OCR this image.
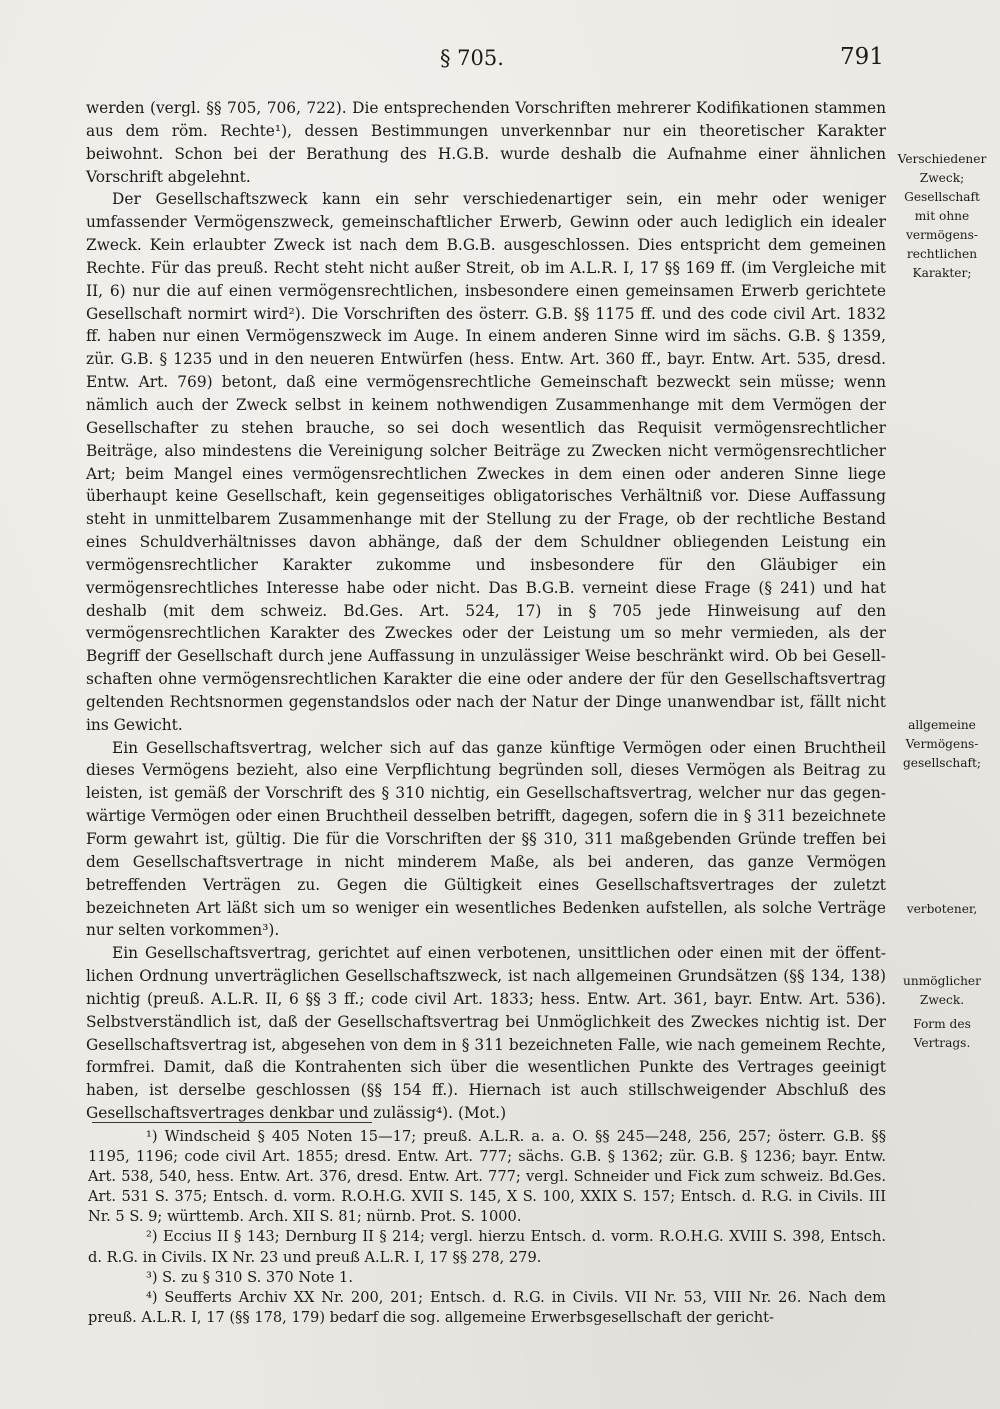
§ 705.	791

werden (vergl. §§ 705, 706, 722). Die entsprechenden Vorschriften mehrerer Kodifikationen stammen aus dem röm. Rechte¹), dessen Bestimmungen unverkennbar nur ein theoretischer Karakter beiwohnt. Schon bei der Berathung des H.G.B. wurde deshalb die Aufnahme einer ähnlichen Vorschrift abgelehnt.

Der Gesellschaftszweck kann ein sehr verschiedenartiger sein, ein mehr oder weniger umfassender Vermögenszweck, gemeinschaftlicher Erwerb, Gewinn oder auch lediglich ein idealer Zweck. Kein erlaubter Zweck ist nach dem B.G.B. ausgeschlossen. Dies entspricht dem gemeinen Rechte. Für das preuß. Recht steht nicht außer Streit, ob im A.L.R. I, 17 §§ 169 ff. (im Vergleiche mit II, 6) nur die auf einen vermögensrechtlichen, insbesondere einen gemeinsamen Erwerb gerichtete Gesellschaft normirt wird²). Die Vorschriften des österr. G.B. §§ 1175 ff. und des code civil Art. 1832 ff. haben nur einen Vermögenszweck im Auge. In einem anderen Sinne wird im sächs. G.B. § 1359, zür. G.B. § 1235 und in den neueren Entwürfen (hess. Entw. Art. 360 ff., bayr. Entw. Art. 535, dresd. Entw. Art. 769) betont, daß eine vermögensrechtliche Gemeinschaft bezweckt sein müsse; wenn nämlich auch der Zweck selbst in keinem nothwendigen Zusammenhange mit dem Vermögen der Gesellschafter zu stehen brauche, so sei doch wesentlich das Requisit vermögensrechtlicher Beiträge, also mindestens die Vereinigung solcher Beiträge zu Zwecken nicht vermögensrechtlicher Art; beim Mangel eines vermögensrechtlichen Zweckes in dem einen oder anderen Sinne liege überhaupt keine Gesellschaft, kein gegenseitiges obligatorisches Verhältniß vor. Diese Auffassung steht in unmittelbarem Zusammenhange mit der Stellung zu der Frage, ob der rechtliche Bestand eines Schuldverhältnisses davon abhänge, daß der dem Schuldner obliegenden Leistung ein vermögensrechtlicher Karakter zukomme und insbesondere für den Gläubiger ein vermögensrechtliches Interesse habe oder nicht. Das B.G.B. verneint diese Frage (§ 241) und hat deshalb (mit dem schweiz. Bd.Ges. Art. 524, 17) in § 705 jede Hinweisung auf den vermögensrechtlichen Karakter des Zweckes oder der Leistung um so mehr vermieden, als der Begriff der Gesellschaft durch jene Auffassung in unzulässiger Weise beschränkt wird. Ob bei Gesellschaften ohne vermögensrechtlichen Karakter die eine oder andere der für den Gesellschaftsvertrag geltenden Rechtsnormen gegenstandslos oder nach der Natur der Dinge unanwendbar ist, fällt nicht ins Gewicht.

Ein Gesellschaftsvertrag, welcher sich auf das ganze künftige Vermögen oder einen Bruchtheil dieses Vermögens bezieht, also eine Verpflichtung begründen soll, dieses Vermögen als Beitrag zu leisten, ist gemäß der Vorschrift des § 310 nichtig, ein Gesellschaftsvertrag, welcher nur das gegenwärtige Vermögen oder einen Bruchtheil desselben betrifft, dagegen, sofern die in § 311 bezeichnete Form gewahrt ist, gültig. Die für die Vorschriften der §§ 310, 311 maßgebenden Gründe treffen bei dem Gesellschaftsvertrage in nicht minderem Maße, als bei anderen, das ganze Vermögen betreffenden Verträgen zu. Gegen die Gültigkeit eines Gesellschaftsvertrages der zuletzt bezeichneten Art läßt sich um so weniger ein wesentliches Bedenken aufstellen, als solche Verträge nur selten vorkommen³).

Ein Gesellschaftsvertrag, gerichtet auf einen verbotenen, unsittlichen oder einen mit der öffentlichen Ordnung unverträglichen Gesellschaftszweck, ist nach allgemeinen Grundsätzen (§§ 134, 138) nichtig (preuß. A.L.R. II, 6 §§ 3 ff.; code civil Art. 1833; hess. Entw. Art. 361, bayr. Entw. Art. 536). Selbstverständlich ist, daß der Gesellschaftsvertrag bei Unmöglichkeit des Zweckes nichtig ist. Der Gesellschaftsvertrag ist, abgesehen von dem in § 311 bezeichneten Falle, wie nach gemeinem Rechte, formfrei. Damit, daß die Kontrahenten sich über die wesentlichen Punkte des Vertrages geeinigt haben, ist derselbe geschlossen (§§ 154 ff.). Hiernach ist auch stillschweigender Abschluß des Gesellschaftsvertrages denkbar und zulässig⁴). (Mot.)

Verschiedener
Zweck;
Gesellschaft
mit ohne
vermögens-
rechtlichen
Karakter;
allgemeine
Vermögens-
gesellschaft;
verbotener,
unmöglicher
Zweck.
Form des
Vertrags.

¹) Windscheid § 405 Noten 15—17; preuß. A.L.R. a. a. O. §§ 245—248, 256, 257; österr. G.B. §§ 1195, 1196; code civil Art. 1855; dresd. Entw. Art. 777; sächs. G.B. § 1362; zür. G.B. § 1236; bayr. Entw. Art. 538, 540, hess. Entw. Art. 376, dresd. Entw. Art. 777; vergl. Schneider und Fick zum schweiz. Bd.Ges. Art. 531 S. 375; Entsch. d. vorm. R.O.H.G. XVII S. 145, X S. 100, XXIX S. 157; Entsch. d. R.G. in Civils. III Nr. 5 S. 9; württemb. Arch. XII S. 81; nürnb. Prot. S. 1000.

²) Eccius II § 143; Dernburg II § 214; vergl. hierzu Entsch. d. vorm. R.O.H.G. XVIII S. 398, Entsch. d. R.G. in Civils. IX Nr. 23 und preuß A.L.R. I, 17 §§ 278, 279.

³) S. zu § 310 S. 370 Note 1.

⁴) Seufferts Archiv XX Nr. 200, 201; Entsch. d. R.G. in Civils. VII Nr. 53, VIII Nr. 26. Nach dem preuß. A.L.R. I, 17 (§§ 178, 179) bedarf die sog. allgemeine Erwerbsgesellschaft der gericht-
